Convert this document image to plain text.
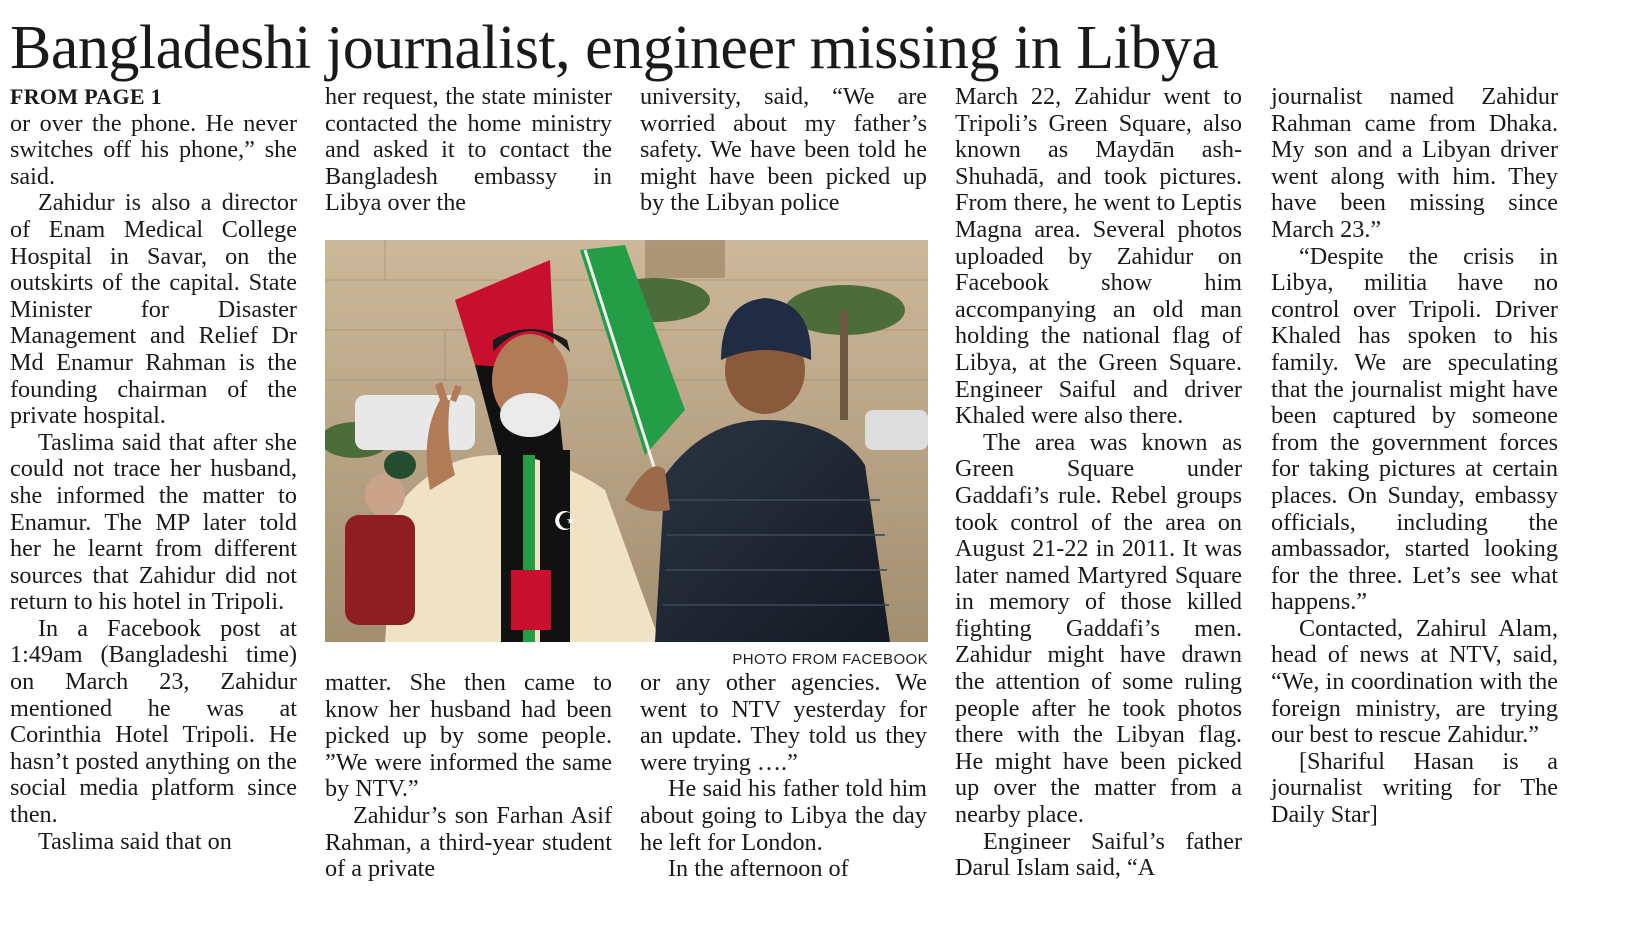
Bangladeshi journalist, engineer missing in Libya
FROM PAGE 1

or over the phone. He never switches off his phone,” she said.

Zahidur is also a director of Enam Medical College Hospital in Savar, on the outskirts of the capital. State Minister for Disaster Management and Relief Dr Md Enamur Rahman is the founding chairman of the private hospital.

Taslima said that after she could not trace her husband, she informed the matter to Enamur. The MP later told her he learnt from different sources that Zahidur did not return to his hotel in Tripoli.

In a Facebook post at 1:49am (Bangladeshi time) on March 23, Zahidur mentioned he was at Corinthia Hotel Tripoli. He hasn’t posted anything on the social media platform since then.

Taslima said that on

her request, the state minister contacted the home ministry and asked it to contact the Bangladesh embassy in Libya over the

university, said, “We are worried about my father’s safety. We have been told he might have been picked up by the Libyan police

☪
PHOTO FROM FACEBOOK

matter. She then came to know her husband had been picked up by some people. ”We were informed the same by NTV.”

Zahidur’s son Farhan Asif Rahman, a third-year student of a private

or any other agencies. We went to NTV yesterday for an update. They told us they were trying ….”

He said his father told him about going to Libya the day he left for London.

In the afternoon of

March 22, Zahidur went to Tripoli’s Green Square, also known as Maydān ash-Shuhadā, and took pictures. From there, he went to Leptis Magna area. Several photos uploaded by Zahidur on Facebook show him accompanying an old man holding the national flag of Libya, at the Green Square. Engineer Saiful and driver Khaled were also there.

The area was known as Green Square under Gaddafi’s rule. Rebel groups took control of the area on August 21-22 in 2011. It was later named Martyred Square in memory of those killed fighting Gaddafi’s men. Zahidur might have drawn the attention of some ruling people after he took photos there with the Libyan flag. He might have been picked up over the matter from a nearby place.

Engineer Saiful’s father Darul Islam said, “A

journalist named Zahidur Rahman came from Dhaka. My son and a Libyan driver went along with him. They have been missing since March 23.”

“Despite the crisis in Libya, militia have no control over Tripoli. Driver Khaled has spoken to his family. We are speculating that the journalist might have been captured by someone from the government forces for taking pictures at certain places. On Sunday, embassy officials, including the ambassador, started looking for the three. Let’s see what happens.”

Contacted, Zahirul Alam, head of news at NTV, said, “We, in coordination with the foreign ministry, are trying our best to rescue Zahidur.”

[Shariful Hasan is a journalist writing for The Daily Star]
